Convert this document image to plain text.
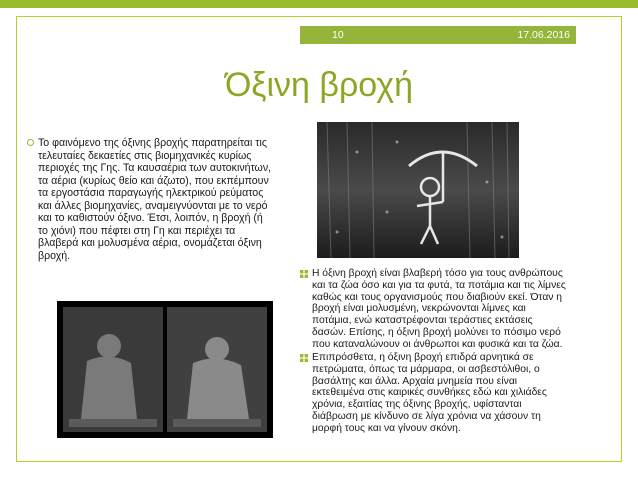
10	17.06.2016
Όξινη βροχή
Το φαινόμενο της όξινης βροχής παρατηρείται τις τελευταίες δεκαετίες στις βιομηχανικές κυρίως περιοχές της Γης. Τα καυσαέρια των αυτοκινήτων, τα αέρια (κυρίως θείο και άζωτο), που εκπέμπουν τα εργοστάσια παραγωγής ηλεκτρικού ρεύματος και άλλες βιομηχανίες, αναμειγνύονται με το νερό και το καθιστούν όξινο. Έτσι, λοιπόν, η βροχή (ή το χιόνι) που πέφτει στη Γη και περιέχει τα βλαβερά και μολυσμένα αέρια, ονομάζεται όξινη βροχή.
Η όξινη βροχή είναι βλαβερή τόσο για τους ανθρώπους και τα ζώα όσο και για τα φυτά, τα ποτάμια και τις λίμνες καθώς και τους οργανισμούς που διαβιούν εκεί. Όταν η βροχή είναι μολυσμένη, νεκρώνονται λίμνες και ποτάμια, ενώ καταστρέφονται τεράστιες εκτάσεις δασών. Επίσης, η όξινη βροχή μολύνει το πόσιμο νερό που καταναλώνουν οι άνθρωποι και φυσικά και τα ζώα.
Επιπρόσθετα, η όξινη βροχή επιδρά αρνητικά σε πετρώματα, όπως τα μάρμαρα, οι ασβεστόλιθοι, ο βασάλτης και άλλα. Αρχαία μνημεία που είναι εκτεθειμένα στις καιρικές συνθήκες εδώ και χιλιάδες χρόνια, εξαιτίας της όξινης βροχής, υφίστανται διάβρωση με κίνδυνο σε λίγα χρόνια να χάσουν τη μορφή τους και να γίνουν σκόνη.
